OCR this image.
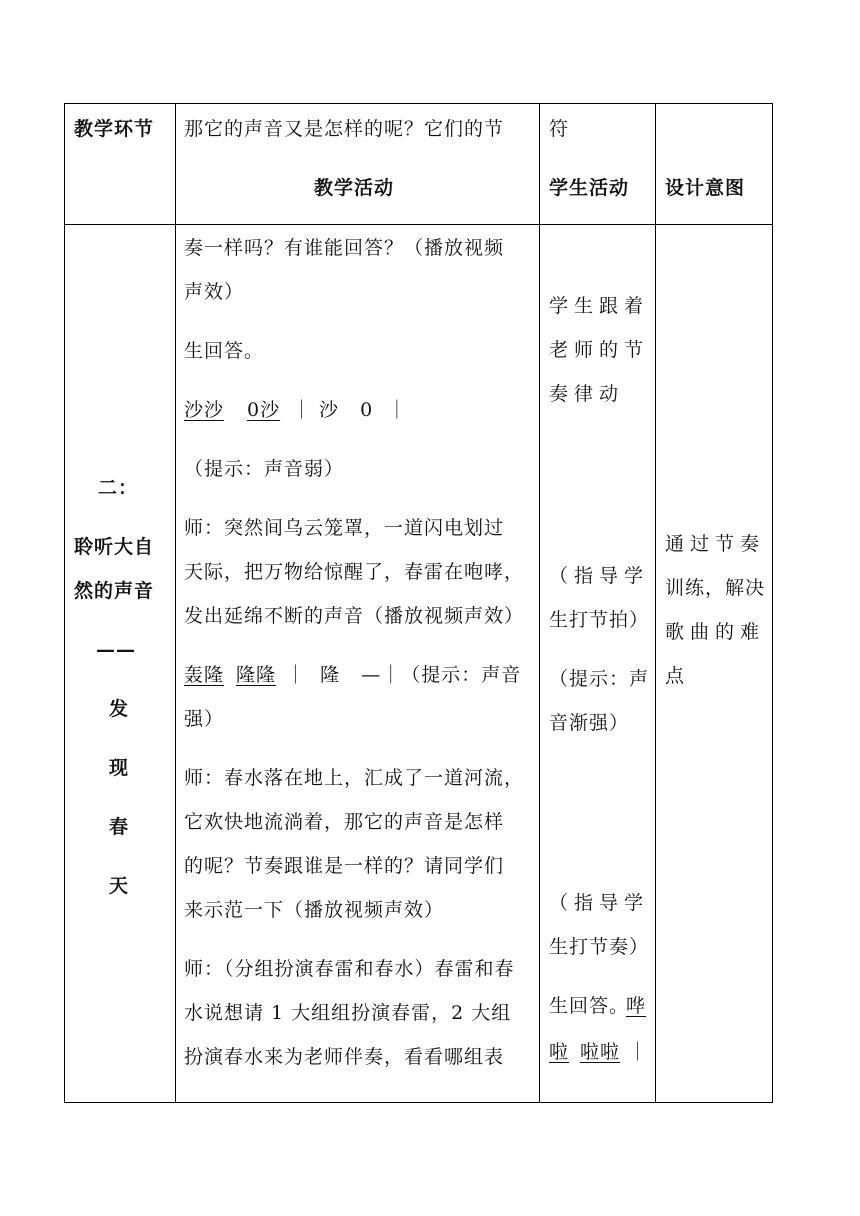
教学环节 那它的声音又是怎样的呢？它们的节
教学活动
符
学生活动 设计意图
二：
聆听大自
然的声音
——
发
现
春
天
奏一样吗？有谁能回答？（播放视频
声效）
生回答。
沙沙 0沙 ｜ 沙   0  ｜
（提示：声音弱）
师：突然间乌云笼罩，一道闪电划过
天际，把万物给惊醒了，春雷在咆哮，
发出延绵不断的声音（播放视频声效）
轰隆 隆隆 ｜  隆   —｜（提示：声音
强）
师：春水落在地上，汇成了一道河流，
它欢快地流淌着，那它的声音是怎样
的呢？节奏跟谁是一样的？请同学们
来示范一下（播放视频声效）
师：（分组扮演春雷和春水）春雷和春
水说想请 1 大组组扮演春雷，2 大组
扮演春水来为老师伴奏，看看哪组表
学生跟着
老师的节
奏律动
（指导学
生打节拍）
（提示：声
音渐强）
（指导学
生打节奏）
生回答。
哗
啦 啦啦 ｜
通过节奏
训练，解决
歌曲的难
点
